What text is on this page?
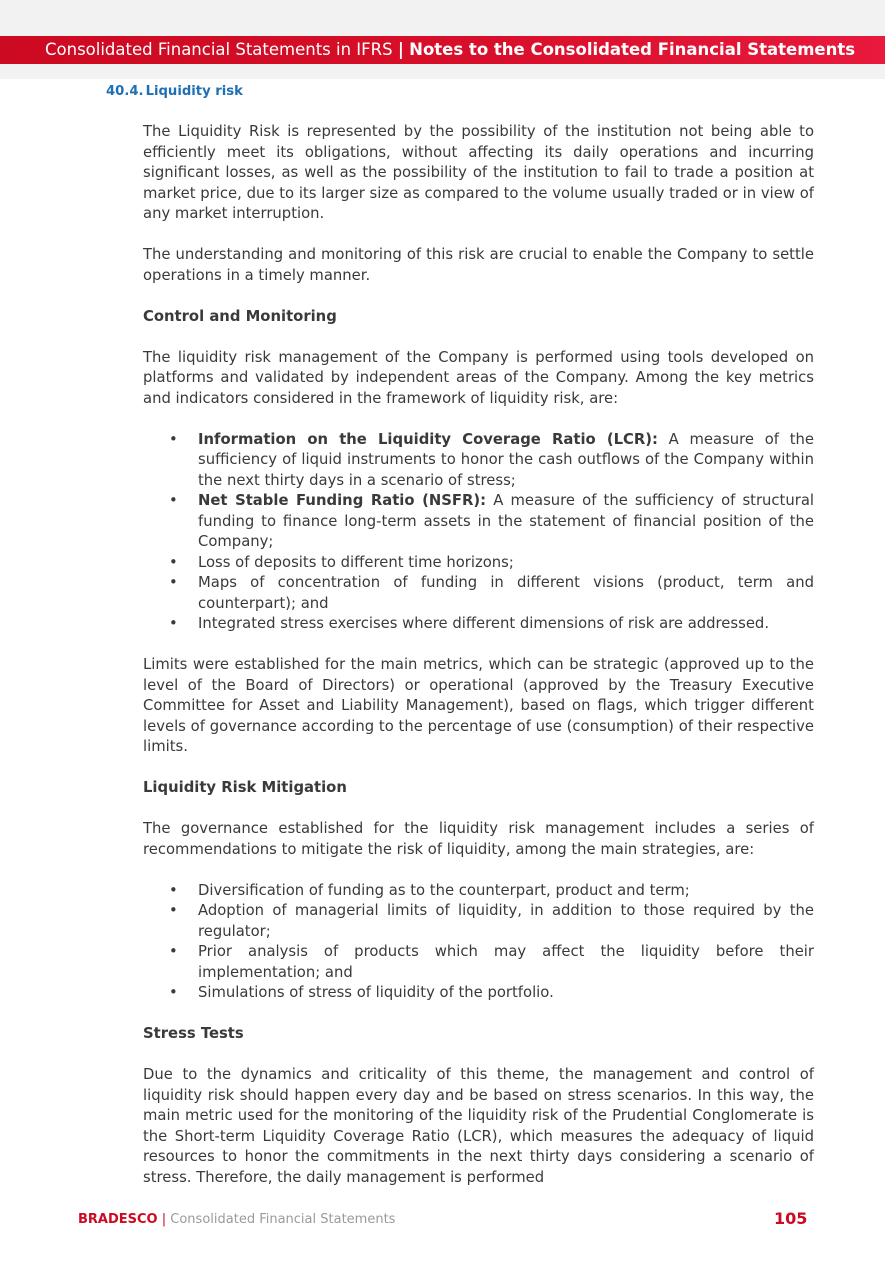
Consolidated Financial Statements in IFRS | Notes to the Consolidated Financial Statements
40.4. Liquidity risk

The Liquidity Risk is represented by the possibility of the institution not being able to efficiently meet its obligations, without affecting its daily operations and incurring significant losses, as well as the possibility of the institution to fail to trade a position at market price, due to its larger size as compared to the volume usually traded or in view of any market interruption.

The understanding and monitoring of this risk are crucial to enable the Company to settle operations in a timely manner.

Control and Monitoring

The liquidity risk management of the Company is performed using tools developed on platforms and validated by independent areas of the Company. Among the key metrics and indicators considered in the framework of liquidity risk, are:

• Information on the Liquidity Coverage Ratio (LCR): A measure of the sufficiency of liquid instruments to honor the cash outflows of the Company within the next thirty days in a scenario of stress;
• Net Stable Funding Ratio (NSFR): A measure of the sufficiency of structural funding to finance long-term assets in the statement of financial position of the Company;
• Loss of deposits to different time horizons;
• Maps of concentration of funding in different visions (product, term and counterpart); and
• Integrated stress exercises where different dimensions of risk are addressed.

Limits were established for the main metrics, which can be strategic (approved up to the level of the Board of Directors) or operational (approved by the Treasury Executive Committee for Asset and Liability Management), based on flags, which trigger different levels of governance according to the percentage of use (consumption) of their respective limits.

Liquidity Risk Mitigation

The governance established for the liquidity risk management includes a series of recommendations to mitigate the risk of liquidity, among the main strategies, are:

• Diversification of funding as to the counterpart, product and term;
• Adoption of managerial limits of liquidity, in addition to those required by the regulator;
• Prior analysis of products which may affect the liquidity before their implementation; and
• Simulations of stress of liquidity of the portfolio.
Stress Tests

Due to the dynamics and criticality of this theme, the management and control of liquidity risk should happen every day and be based on stress scenarios. In this way, the main metric used for the monitoring of the liquidity risk of the Prudential Conglomerate is the Short-term Liquidity Coverage Ratio (LCR), which measures the adequacy of liquid resources to honor the commitments in the next thirty days considering a scenario of stress. Therefore, the daily management is performed

BRADESCO | Consolidated Financial Statements	105
